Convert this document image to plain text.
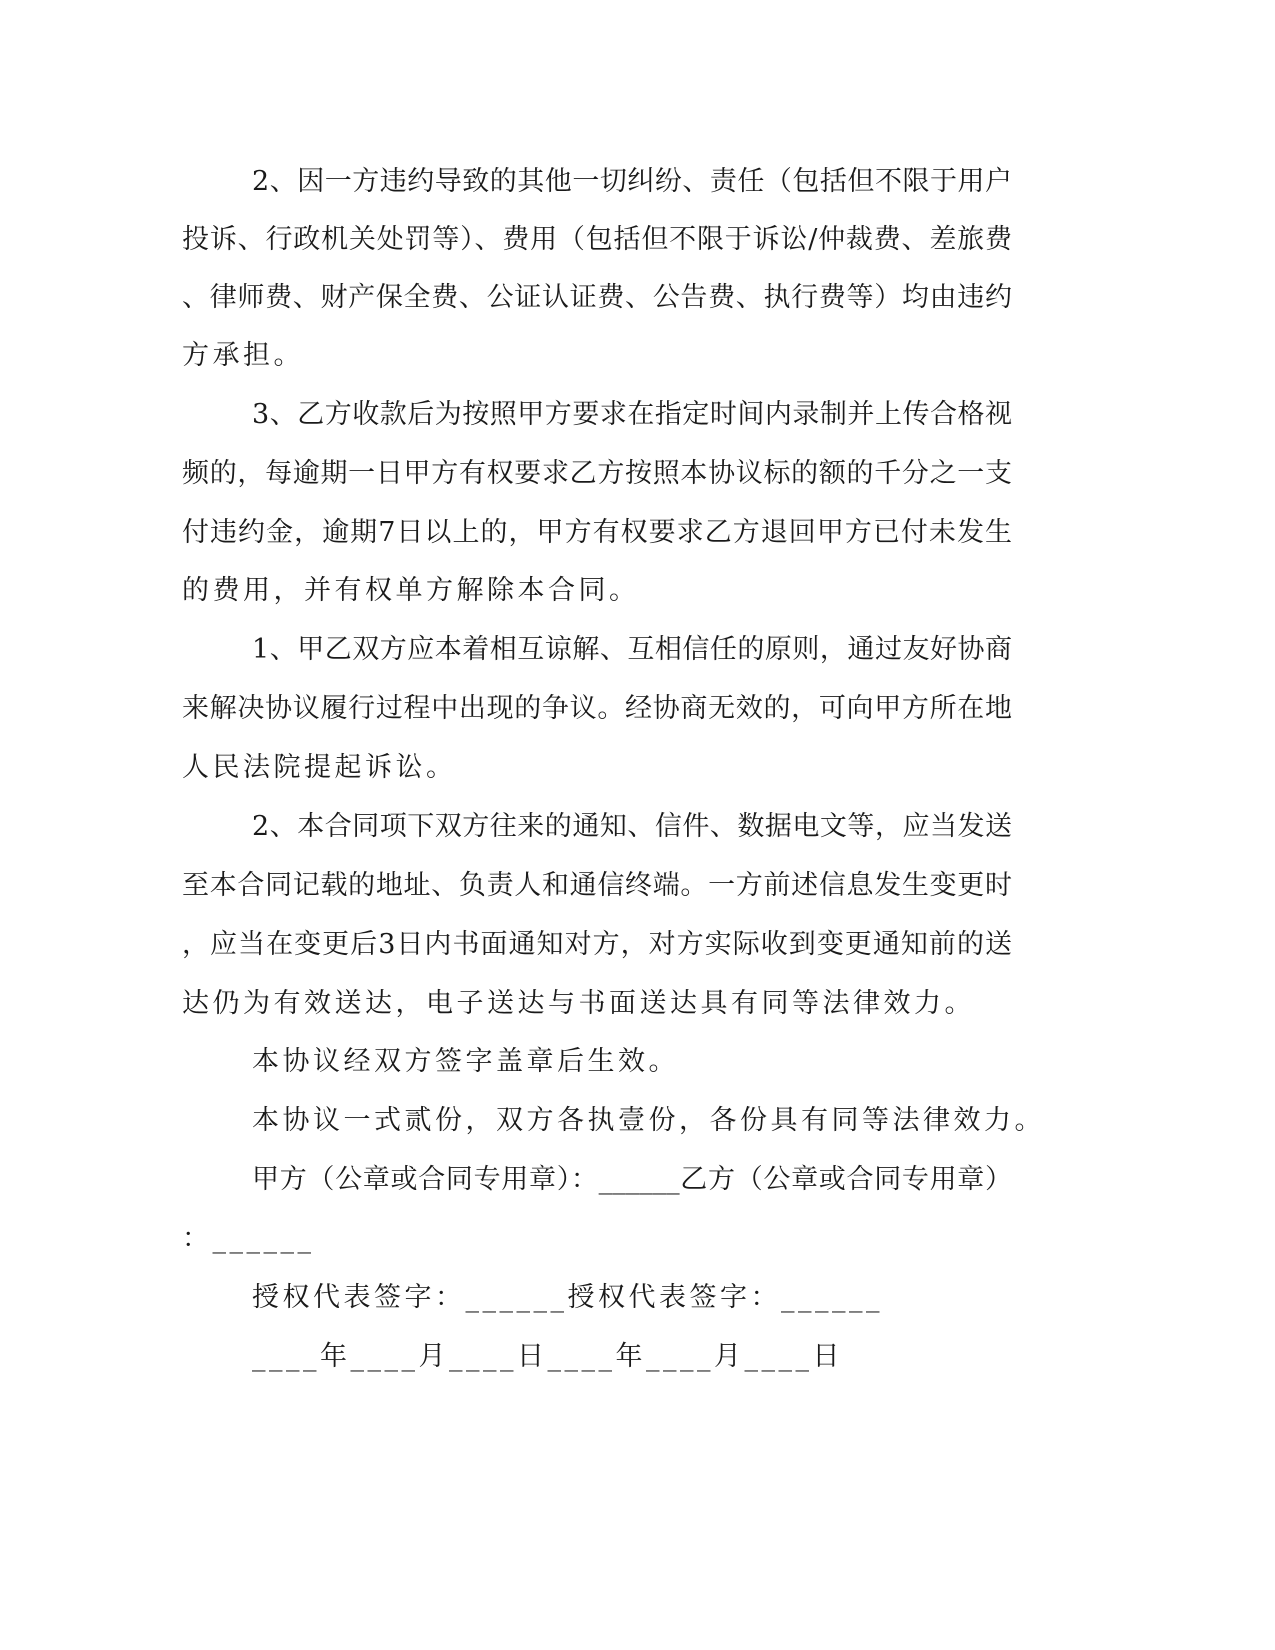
2、因一方违约导致的其他一切纠纷、责任（包括但不限于用户
投诉、行政机关处罚等）、费用（包括但不限于诉讼/仲裁费、差旅费
、律师费、财产保全费、公证认证费、公告费、执行费等）均由违约
方承担。
3、乙方收款后为按照甲方要求在指定时间内录制并上传合格视
频的，每逾期一日甲方有权要求乙方按照本协议标的额的千分之一支
付违约金，逾期7日以上的，甲方有权要求乙方退回甲方已付未发生
的费用，并有权单方解除本合同。
1、甲乙双方应本着相互谅解、互相信任的原则，通过友好协商
来解决协议履行过程中出现的争议。经协商无效的，可向甲方所在地
人民法院提起诉讼。
2、本合同项下双方往来的通知、信件、数据电文等，应当发送
至本合同记载的地址、负责人和通信终端。一方前述信息发生变更时
，应当在变更后3日内书面通知对方，对方实际收到变更通知前的送
达仍为有效送达，电子送达与书面送达具有同等法律效力。
本协议经双方签字盖章后生效。
本协议一式贰份，双方各执壹份，各份具有同等法律效力。
甲方（公章或合同专用章）：______乙方（公章或合同专用章）
：______
授权代表签字：______授权代表签字：______
____年____月____日____年____月____日
